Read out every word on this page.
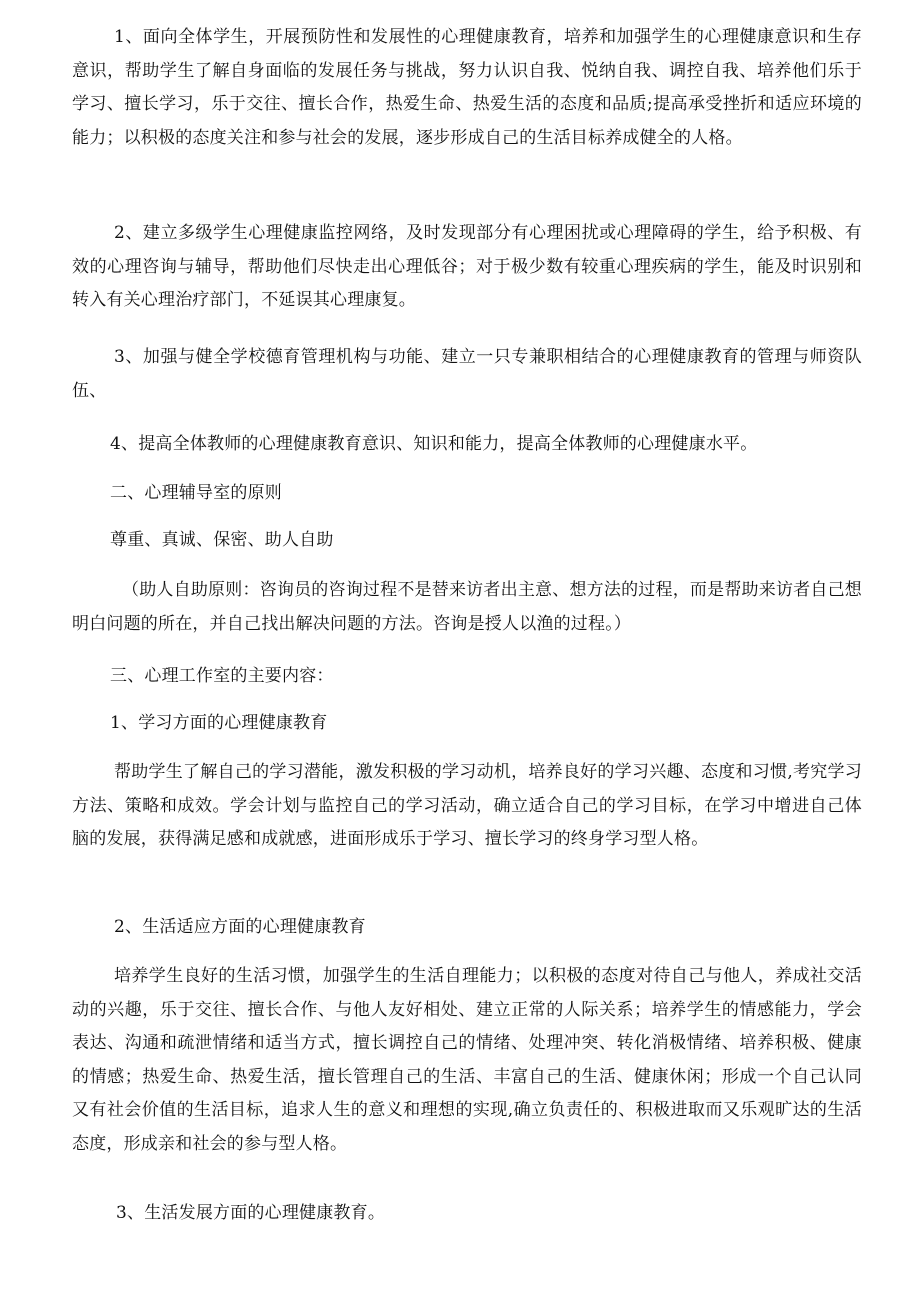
1、面向全体学生，开展预防性和发展性的心理健康教育，培养和加强学生的心理健康意识和生存意识，帮助学生了解自身面临的发展任务与挑战，努力认识自我、悦纳自我、调控自我、培养他们乐于学习、擅长学习，乐于交往、擅长合作，热爱生命、热爱生活的态度和品质;提高承受挫折和适应环境的能力；以积极的态度关注和参与社会的发展，逐步形成自己的生活目标养成健全的人格。

2、建立多级学生心理健康监控网络，及时发现部分有心理困扰或心理障碍的学生，给予积极、有效的心理咨询与辅导，帮助他们尽快走出心理低谷；对于极少数有较重心理疾病的学生，能及时识别和转入有关心理治疗部门，不延误其心理康复。

3、加强与健全学校德育管理机构与功能、建立一只专兼职相结合的心理健康教育的管理与师资队伍、

4、提高全体教师的心理健康教育意识、知识和能力，提高全体教师的心理健康水平。

二、心理辅导室的原则

尊重、真诚、保密、助人自助

（助人自助原则：咨询员的咨询过程不是替来访者出主意、想方法的过程，而是帮助来访者自己想明白问题的所在，并自己找出解决问题的方法。咨询是授人以渔的过程。）

三、心理工作室的主要内容：

1、学习方面的心理健康教育

帮助学生了解自己的学习潜能，激发积极的学习动机，培养良好的学习兴趣、态度和习惯,考究学习方法、策略和成效。学会计划与监控自己的学习活动，确立适合自己的学习目标，在学习中增进自己体脑的发展，获得满足感和成就感，进面形成乐于学习、擅长学习的终身学习型人格。

2、生活适应方面的心理健康教育

培养学生良好的生活习惯，加强学生的生活自理能力；以积极的态度对待自己与他人，养成社交活动的兴趣，乐于交往、擅长合作、与他人友好相处、建立正常的人际关系；培养学生的情感能力，学会表达、沟通和疏泄情绪和适当方式，擅长调控自己的情绪、处理冲突、转化消极情绪、培养积极、健康的情感；热爱生命、热爱生活，擅长管理自己的生活、丰富自己的生活、健康休闲；形成一个自己认同又有社会价值的生活目标，追求人生的意义和理想的实现,确立负责任的、积极进取而又乐观旷达的生活态度，形成亲和社会的参与型人格。

3、生活发展方面的心理健康教育。
